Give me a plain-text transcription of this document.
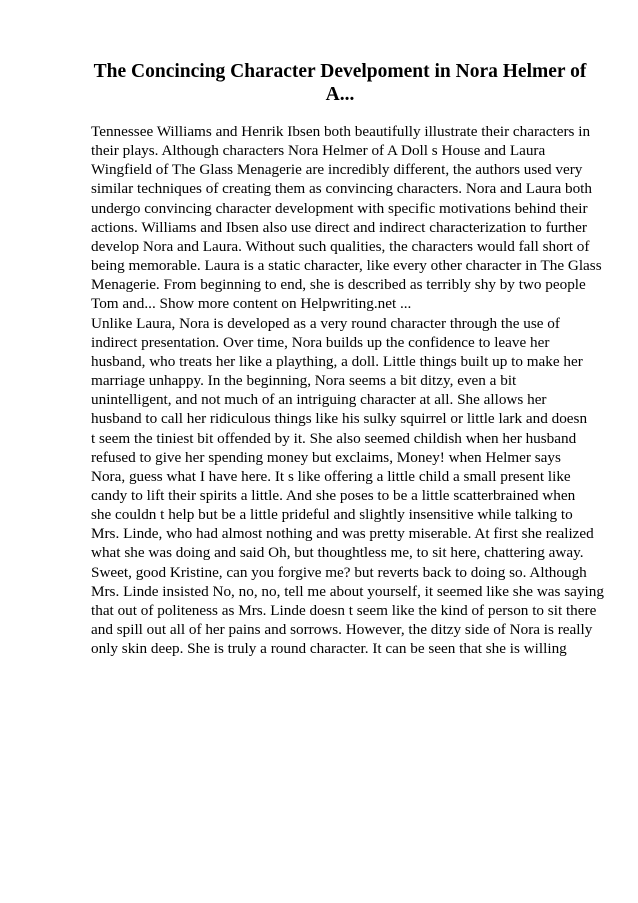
The Concincing Character Develpoment in Nora Helmer of
A...
Tennessee Williams and Henrik Ibsen both beautifully illustrate their characters in
their plays. Although characters Nora Helmer of A Doll s House and Laura
Wingfield of The Glass Menagerie are incredibly different, the authors used very
similar techniques of creating them as convincing characters. Nora and Laura both
undergo convincing character development with specific motivations behind their
actions. Williams and Ibsen also use direct and indirect characterization to further
develop Nora and Laura. Without such qualities, the characters would fall short of
being memorable. Laura is a static character, like every other character in The Glass
Menagerie. From beginning to end, she is described as terribly shy by two people
Tom and... Show more content on Helpwriting.net ...
Unlike Laura, Nora is developed as a very round character through the use of
indirect presentation. Over time, Nora builds up the confidence to leave her
husband, who treats her like a plaything, a doll. Little things built up to make her
marriage unhappy. In the beginning, Nora seems a bit ditzy, even a bit
unintelligent, and not much of an intriguing character at all. She allows her
husband to call her ridiculous things like his sulky squirrel or little lark and doesn
t seem the tiniest bit offended by it. She also seemed childish when her husband
refused to give her spending money but exclaims, Money! when Helmer says
Nora, guess what I have here. It s like offering a little child a small present like
candy to lift their spirits a little. And she poses to be a little scatterbrained when
she couldn t help but be a little prideful and slightly insensitive while talking to
Mrs. Linde, who had almost nothing and was pretty miserable. At first she realized
what she was doing and said Oh, but thoughtless me, to sit here, chattering away.
Sweet, good Kristine, can you forgive me? but reverts back to doing so. Although
Mrs. Linde insisted No, no, no, tell me about yourself, it seemed like she was saying
that out of politeness as Mrs. Linde doesn t seem like the kind of person to sit there
and spill out all of her pains and sorrows. However, the ditzy side of Nora is really
only skin deep. She is truly a round character. It can be seen that she is willing
